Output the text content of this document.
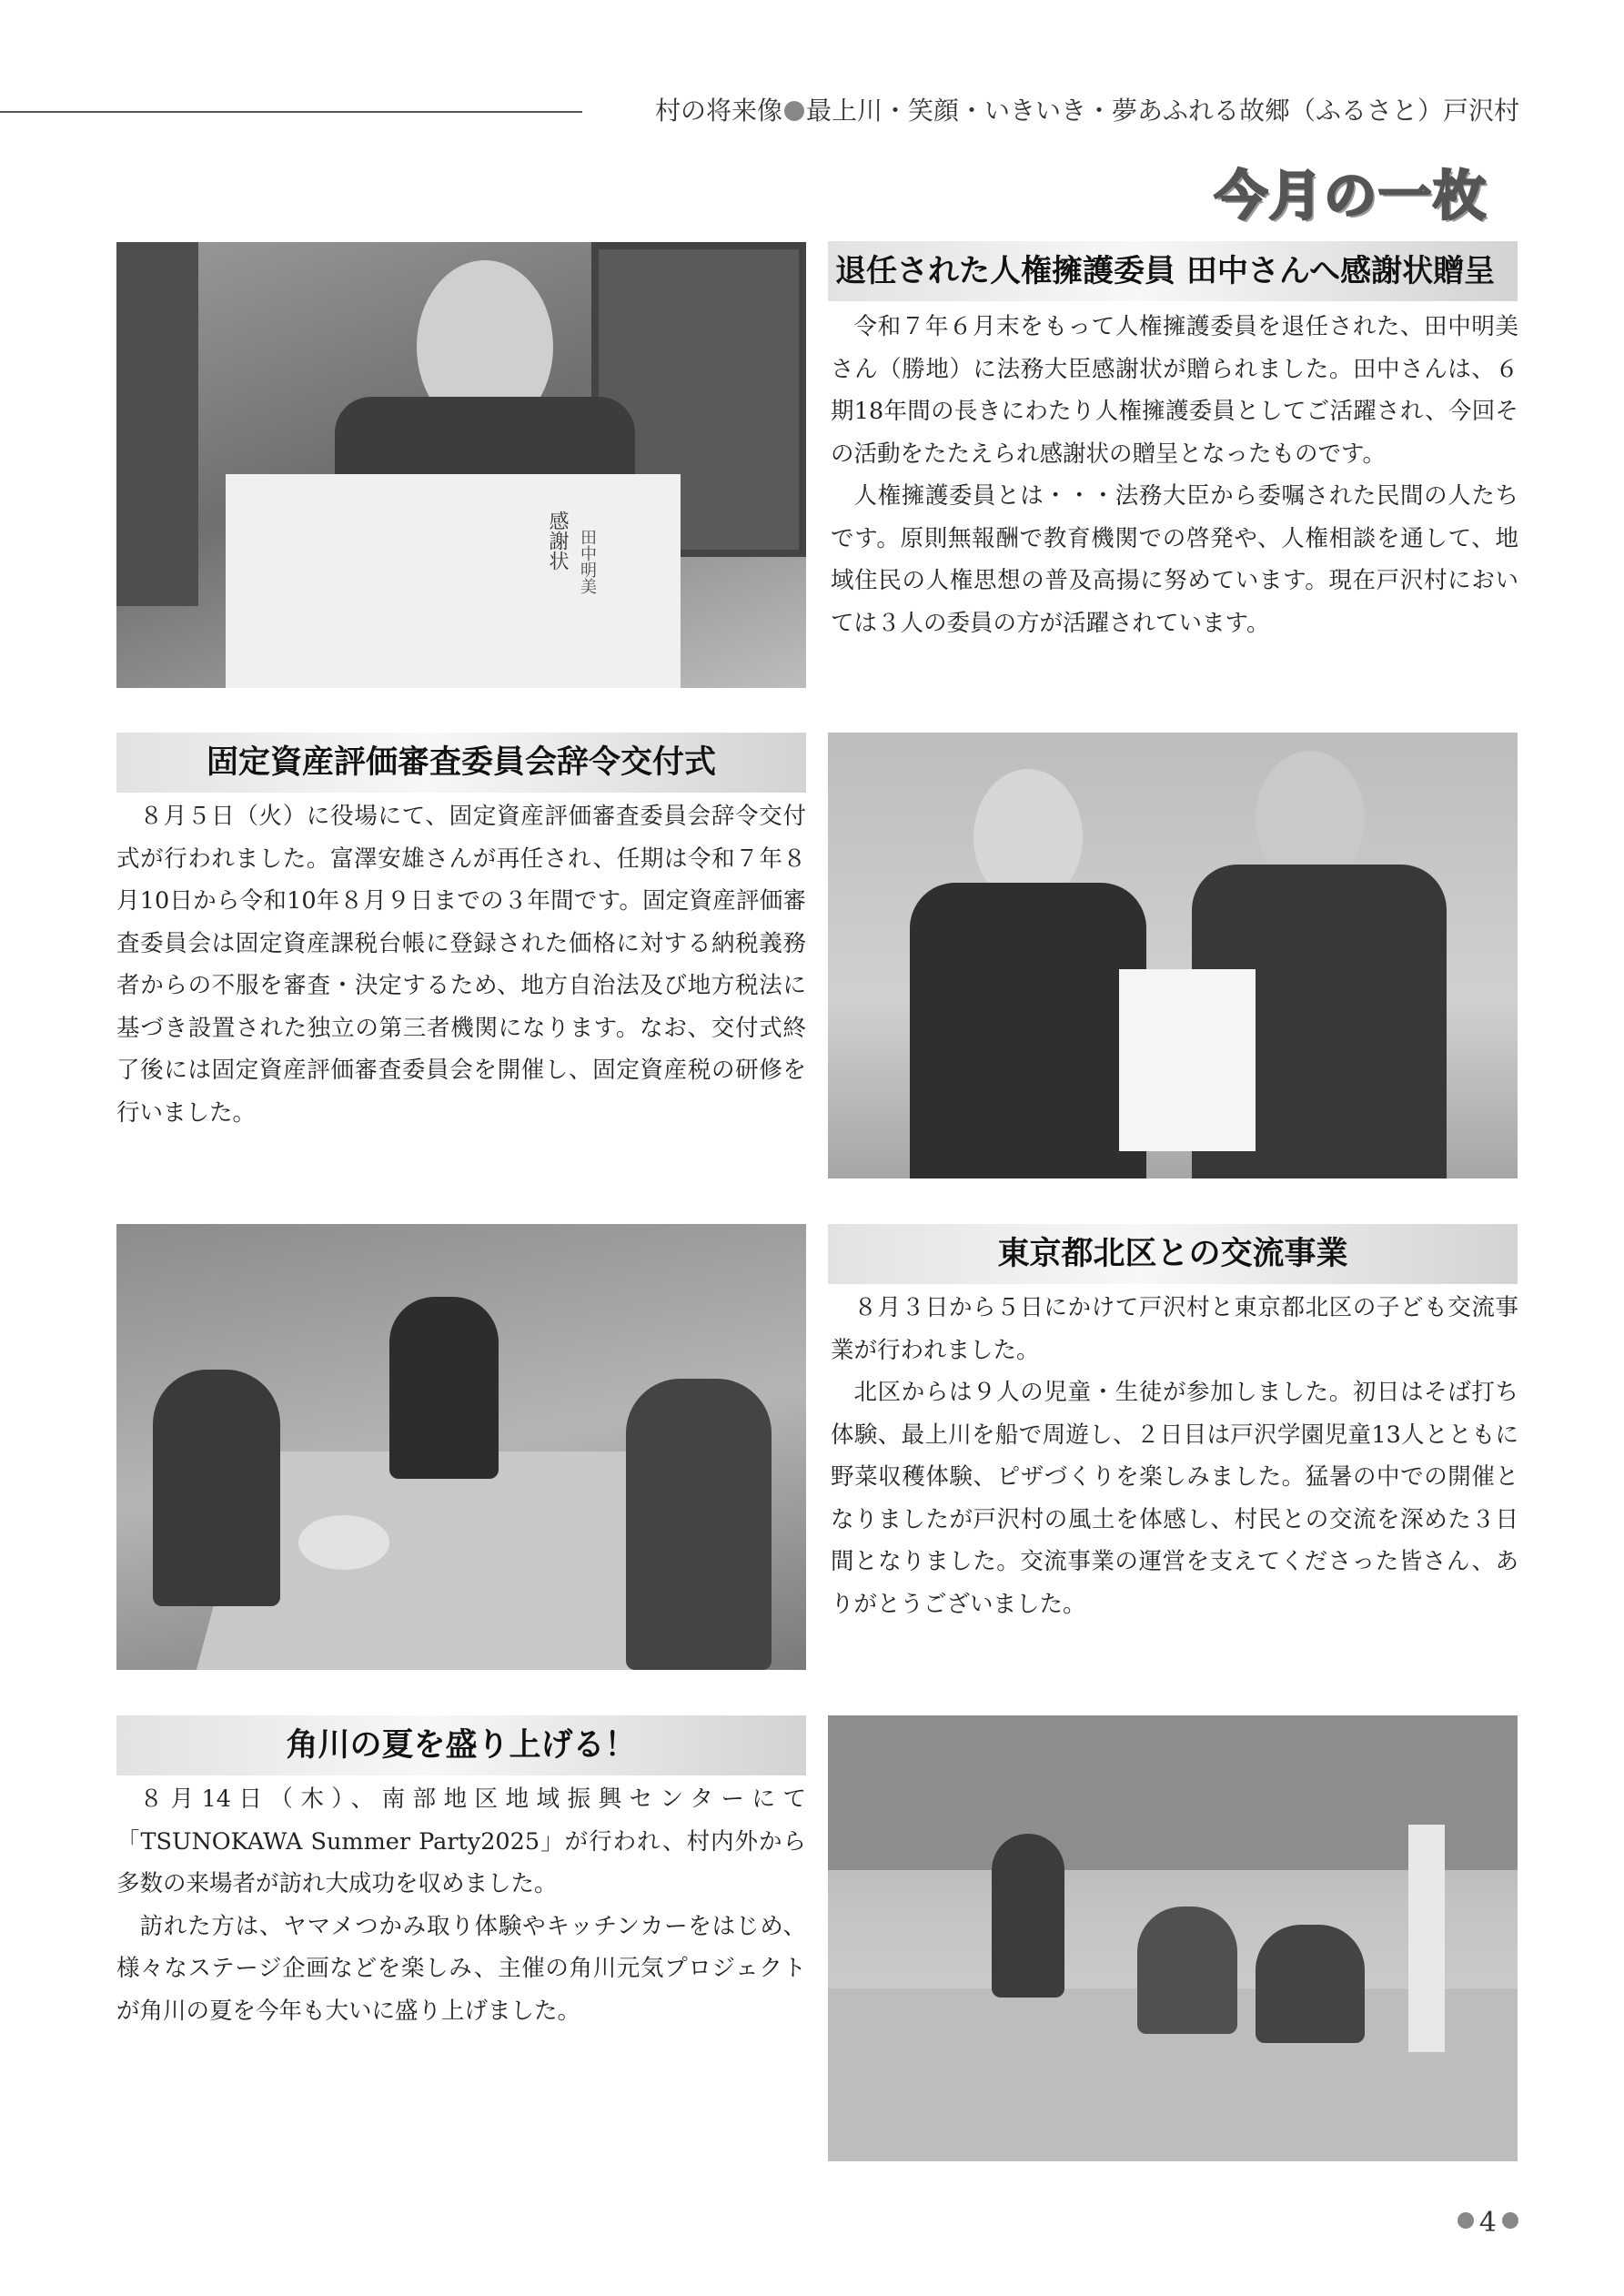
村の将来像 最上川・笑顔・いきいき・夢あふれる故郷（ふるさと）戸沢村
今月の一枚
感謝状 田中明美
退任された人権擁護委員 田中さんへ感謝状贈呈

令和７年６月末をもって人権擁護委員を退任された、田中明美さん（勝地）に法務大臣感謝状が贈られました。田中さんは、６期18年間の長きにわたり人権擁護委員としてご活躍され、今回その活動をたたえられ感謝状の贈呈となったものです。

人権擁護委員とは・・・法務大臣から委嘱された民間の人たちです。原則無報酬で教育機関での啓発や、人権相談を通して、地域住民の人権思想の普及高揚に努めています。現在戸沢村においては３人の委員の方が活躍されています。

固定資産評価審査委員会辞令交付式

８月５日（火）に役場にて、固定資産評価審査委員会辞令交付式が行われました。富澤安雄さんが再任され、任期は令和７年８月10日から令和10年８月９日までの３年間です。固定資産評価審査委員会は固定資産課税台帳に登録された価格に対する納税義務者からの不服を審査・決定するため、地方自治法及び地方税法に基づき設置された独立の第三者機関になります。なお、交付式終了後には固定資産評価審査委員会を開催し、固定資産税の研修を行いました。

東京都北区との交流事業

８月３日から５日にかけて戸沢村と東京都北区の子ども交流事業が行われました。

北区からは９人の児童・生徒が参加しました。初日はそば打ち体験、最上川を船で周遊し、２日目は戸沢学園児童13人とともに野菜収穫体験、ピザづくりを楽しみました。猛暑の中での開催となりましたが戸沢村の風土を体感し、村民との交流を深めた３日間となりました。交流事業の運営を支えてくださった皆さん、ありがとうございました。

角川の夏を盛り上げる！

８月14日（木）、南部地区地域振興センターにて「TSUNOKAWA Summer Party2025」が行われ、村内外から多数の来場者が訪れ大成功を収めました。

訪れた方は、ヤマメつかみ取り体験やキッチンカーをはじめ、様々なステージ企画などを楽しみ、主催の角川元気プロジェクトが角川の夏を今年も大いに盛り上げました。

4
